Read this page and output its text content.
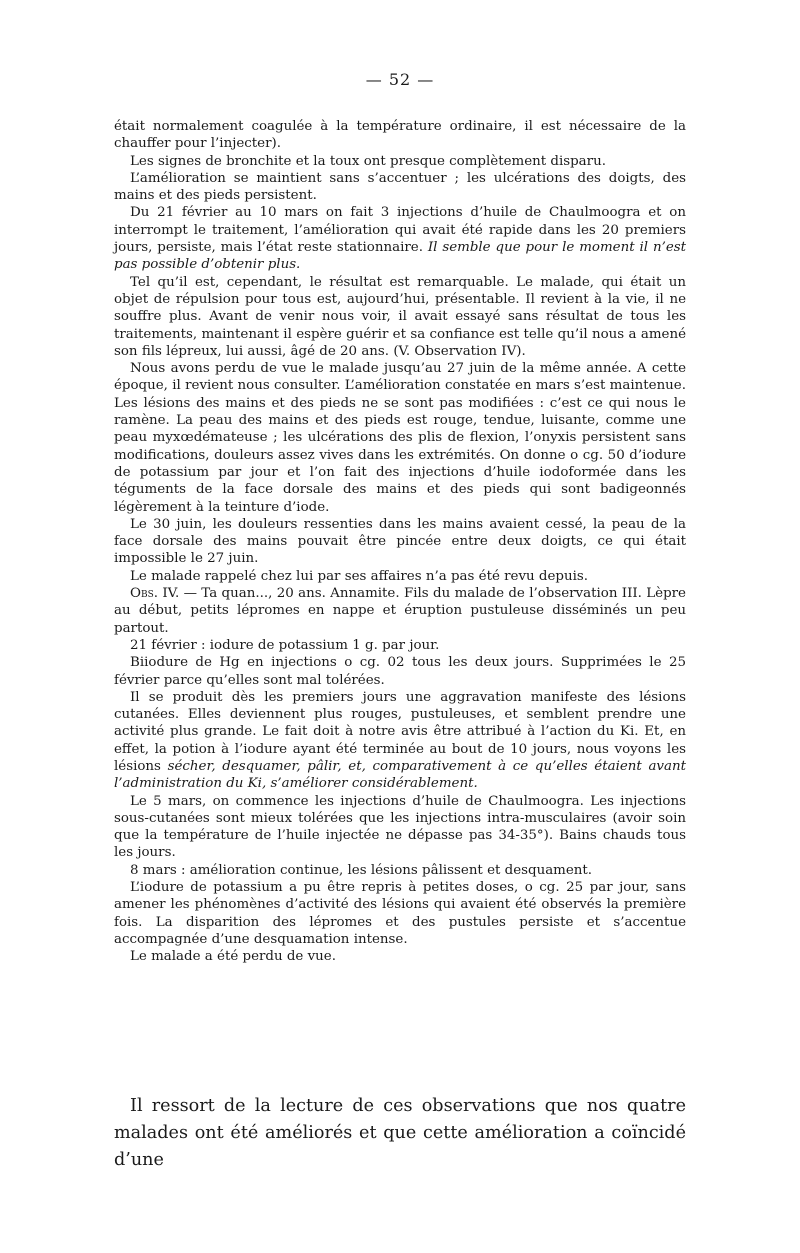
— 52 —

était normalement coagulée à la température ordinaire, il est nécessaire de la chauffer pour l’injecter).

Les signes de bronchite et la toux ont presque complètement disparu.

L’amélioration se maintient sans s’accentuer ; les ulcérations des doigts, des mains et des pieds persistent.

Du 21 février au 10 mars on fait 3 injections d’huile de Chaulmoogra et on interrompt le traitement, l’amélioration qui avait été rapide dans les 20 premiers jours, persiste, mais l’état reste stationnaire. Il semble que pour le moment il n’est pas possible d’obtenir plus.

Tel qu’il est, cependant, le résultat est remarquable. Le malade, qui était un objet de répulsion pour tous est, aujourd’hui, présentable. Il revient à la vie, il ne souffre plus. Avant de venir nous voir, il avait essayé sans résultat de tous les traitements, maintenant il espère guérir et sa confiance est telle qu’il nous a amené son fils lépreux, lui aussi, âgé de 20 ans. (V. Observation IV).

Nous avons perdu de vue le malade jusqu’au 27 juin de la même année. A cette époque, il revient nous consulter. L’amélioration constatée en mars s’est maintenue. Les lésions des mains et des pieds ne se sont pas modifiées : c’est ce qui nous le ramène. La peau des mains et des pieds est rouge, tendue, luisante, comme une peau myxœdémateuse ; les ulcérations des plis de flexion, l’onyxis persistent sans modifications, douleurs assez vives dans les extrémités. On donne o cg. 50 d’iodure de potassium par jour et l’on fait des injections d’huile iodoformée dans les téguments de la face dorsale des mains et des pieds qui sont badigeonnés légèrement à la teinture d’iode.

Le 30 juin, les douleurs ressenties dans les mains avaient cessé, la peau de la face dorsale des mains pouvait être pincée entre deux doigts, ce qui était impossible le 27 juin.

Le malade rappelé chez lui par ses affaires n’a pas été revu depuis.

Obs. IV. — Ta quan..., 20 ans. Annamite. Fils du malade de l’observation III. Lèpre au début, petits lépromes en nappe et éruption pustuleuse disséminés un peu partout.

21 février : iodure de potassium 1 g. par jour.

Biiodure de Hg en injections o cg. 02 tous les deux jours. Supprimées le 25 février parce qu’elles sont mal tolérées.

Il se produit dès les premiers jours une aggravation manifeste des lésions cutanées. Elles deviennent plus rouges, pustuleuses, et semblent prendre une activité plus grande. Le fait doit à notre avis être attribué à l’action du Ki. Et, en effet, la potion à l’iodure ayant été terminée au bout de 10 jours, nous voyons les lésions sécher, desquamer, pâlir, et, comparativement à ce qu’elles étaient avant l’administration du Ki, s’améliorer considérablement.

Le 5 mars, on commence les injections d’huile de Chaulmoogra. Les injections sous-cutanées sont mieux tolérées que les injections intra-musculaires (avoir soin que la température de l’huile injectée ne dépasse pas 34-35°). Bains chauds tous les jours.

8 mars : amélioration continue, les lésions pâlissent et desquament.

L’iodure de potassium a pu être repris à petites doses, o cg. 25 par jour, sans amener les phénomènes d’activité des lésions qui avaient été observés la première fois. La disparition des lépromes et des pustules persiste et s’accentue accompagnée d’une desquamation intense.

Le malade a été perdu de vue.

Il ressort de la lecture de ces observations que nos quatre malades ont été améliorés et que cette amélioration a coïncidé d’une
